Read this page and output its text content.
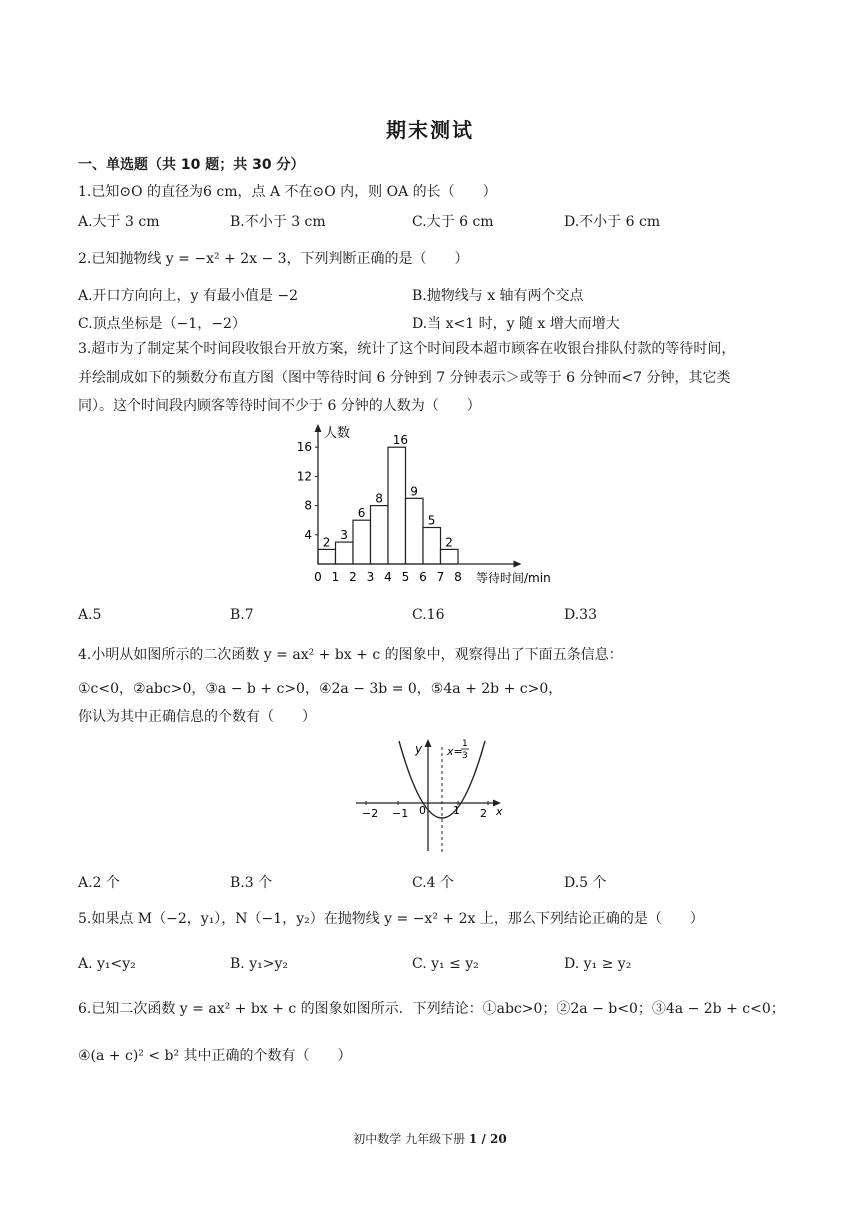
期末测试
一、单选题（共 10 题；共 30 分）
1.已知⊙O 的直径为6 cm，点 A 不在⊙O 内，则 OA 的长（　　）
A.大于 3 cm	B.不小于 3 cm	C.大于 6 cm	D.不小于 6 cm
2.已知抛物线 y = −x² + 2x − 3，下列判断正确的是（　　）
A.开口方向向上，y 有最小值是 −2	B.抛物线与 x 轴有两个交点
C.顶点坐标是（−1，−2）	D.当 x<1 时，y 随 x 增大而增大
3.超市为了制定某个时间段收银台开放方案，统计了这个时间段本超市顾客在收银台排队付款的等待时间，
并绘制成如下的频数分布直方图（图中等待时间 6 分钟到 7 分钟表示＞或等于 6 分钟而<7 分钟，其它类
同）。这个时间段内顾客等待时间不少于 6 分钟的人数为（　　）
2
3
6
8
16
9
5
2
4
8
12
16
0 1 2 3 4 5 6 7 8
人数
等待时间/min
A.5	B.7	C.16	D.33
4.小明从如图所示的二次函数 y = ax² + bx + c 的图象中，观察得出了下面五条信息：
①c<0，②abc>0，③a − b + c>0，④2a − 3b = 0，⑤4a + 2b + c>0，
你认为其中正确信息的个数有（　　）
−2 −1 0 1 2 x
y x=
1
3
A.2 个	B.3 个	C.4 个	D.5 个
5.如果点 M（−2，y₁），N（−1，y₂）在抛物线 y = −x² + 2x 上，那么下列结论正确的是（　　）
A. y₁<y₂	B. y₁>y₂	C. y₁ ≤ y₂	D. y₁ ≥ y₂
6.已知二次函数 y = ax² + bx + c 的图象如图所示．下列结论：①abc>0；②2a − b<0；③4a − 2b + c<0；
④(a + c)² < b² 其中正确的个数有（　　）
初中数学 九年级下册 1 / 20
